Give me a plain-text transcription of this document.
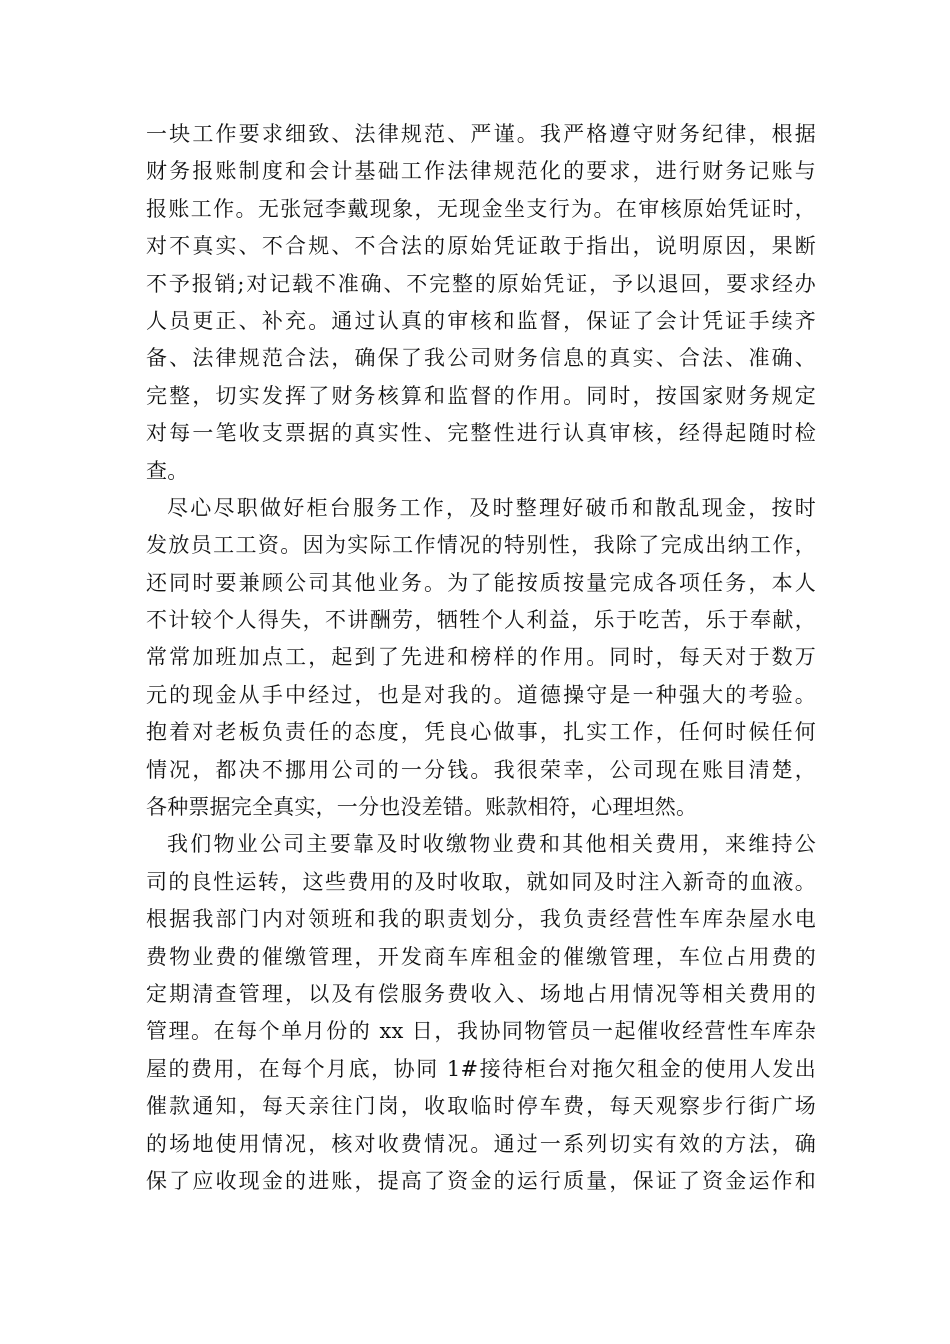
一块工作要求细致、法律规范、严谨。我严格遵守财务纪律，根据
财务报账制度和会计基础工作法律规范化的要求，进行财务记账与
报账工作。无张冠李戴现象，无现金坐支行为。在审核原始凭证时，
对不真实、不合规、不合法的原始凭证敢于指出，说明原因，果断
不予报销;对记载不准确、不完整的原始凭证，予以退回，要求经办
人员更正、补充。通过认真的审核和监督，保证了会计凭证手续齐
备、法律规范合法，确保了我公司财务信息的真实、合法、准确、
完整，切实发挥了财务核算和监督的作用。同时，按国家财务规定
对每一笔收支票据的真实性、完整性进行认真审核，经得起随时检
查。
尽心尽职做好柜台服务工作，及时整理好破币和散乱现金，按时
发放员工工资。因为实际工作情况的特别性，我除了完成出纳工作，
还同时要兼顾公司其他业务。为了能按质按量完成各项任务，本人
不计较个人得失，不讲酬劳，牺牲个人利益，乐于吃苦，乐于奉献，
常常加班加点工，起到了先进和榜样的作用。同时，每天对于数万
元的现金从手中经过，也是对我的。道德操守是一种强大的考验。
抱着对老板负责任的态度，凭良心做事，扎实工作，任何时候任何
情况，都决不挪用公司的一分钱。我很荣幸，公司现在账目清楚，
各种票据完全真实，一分也没差错。账款相符，心理坦然。
我们物业公司主要靠及时收缴物业费和其他相关费用，来维持公
司的良性运转，这些费用的及时收取，就如同及时注入新奇的血液。
根据我部门内对领班和我的职责划分，我负责经营性车库杂屋水电
费物业费的催缴管理，开发商车库租金的催缴管理，车位占用费的
定期清查管理，以及有偿服务费收入、场地占用情况等相关费用的
管理。在每个单月份的 xx 日，我协同物管员一起催收经营性车库杂
屋的费用，在每个月底，协同 1#接待柜台对拖欠租金的使用人发出
催款通知，每天亲往门岗，收取临时停车费，每天观察步行街广场
的场地使用情况，核对收费情况。通过一系列切实有效的方法，确
保了应收现金的进账，提高了资金的运行质量，保证了资金运作和
